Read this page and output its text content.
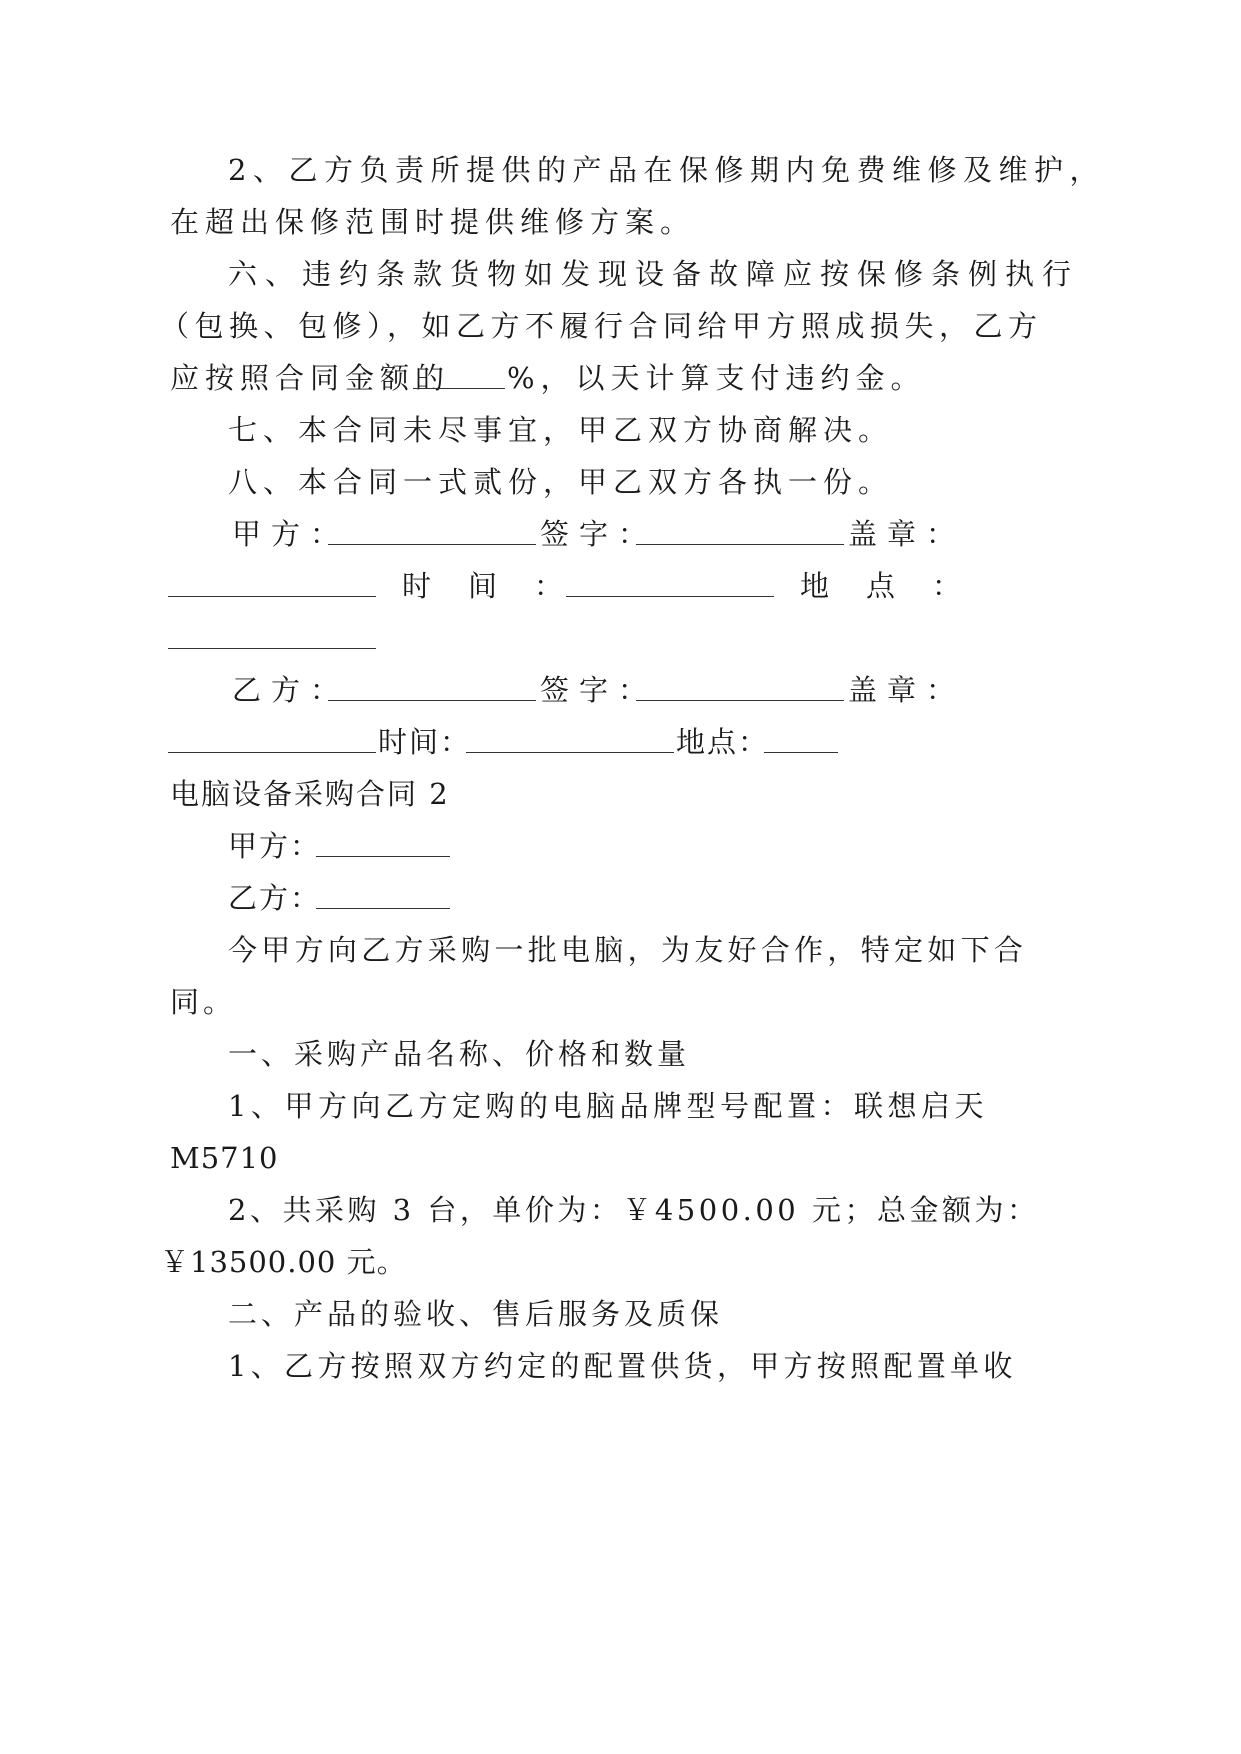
2、乙方负责所提供的产品在保修期内免费维修及维护，

在超出保修范围时提供维修方案。

六、违约条款货物如发现设备故障应按保修条例执行

（包换、包修），如乙方不履行合同给甲方照成损失，乙方

应按照合同金额的

%，以天计算支付违约金。

七、本合同未尽事宜，甲乙双方协商解决。

八、本合同一式贰份，甲乙双方各执一份。

甲方：

	签字：

	盖章：

时　间　：

	地　点　：

乙方：

	签字：

	盖章：

时间：

	地点：

电脑设备采购合同 2

甲方：

乙方：

今甲方向乙方采购一批电脑，为友好合作，特定如下合

同。

一、采购产品名称、价格和数量

1、甲方向乙方定购的电脑品牌型号配置：联想启天

M5710

2、共采购 3 台，单价为：￥4500.00 元；总金额为：

￥13500.00 元。

二、产品的验收、售后服务及质保

1、乙方按照双方约定的配置供货，甲方按照配置单收
